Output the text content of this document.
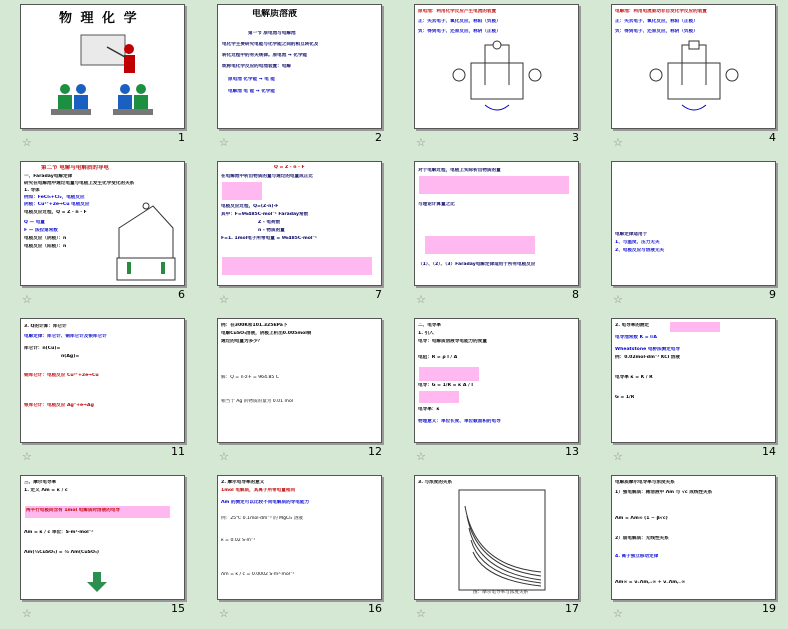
物 理 化 学
☆	1
电解质溶液
第一节 原电池与电解池
电化学主要研究电能与化学能之间的相互转化及
转化过程中的有关规律。原电池 → 化学能
或称电化学反应的电池装置：电解
原电池 化学能 → 电 能
电解池 电 能 → 化学能
☆	2
原电池：利用化学反应产生电流的装置
正：失去电子、氧化反应，称阳（负极）
负：得到电子、还原反应，称阴（正极）
☆	3
电解池：利用电流驱动非自发化学反应的装置
正：失去电子、氧化反应，称阳（正极）
负：得到电子、还原反应，称阴（负极）
☆	4
第二节 电解与电解质的导电
一、Faraday电解定律
研究在电解池中通过电量与电极上发生化学变化的关系
1. 导体
例如：FeCl₃+Cl₂，电极反应
阴极：Cu²⁺+2e→Cu 电极反应
电极反应过程，Q = Z · n · F
Q — 电量
F — 法拉第常数
电极反应（阴极）：n
电极反应（阳极）：n
☆	6
Q = Z · n · F
在电解池中析出物质的量与通过的电量成正比
电极反应过程，Q=(Z·n)·F
其中：F=96485C·mol⁻¹ Faraday常数
Z - 电荷数
n - 物质的量
F=1. 1mol电子所带电量 = 96485C·mol⁻¹
☆	7
对于电解过程，电极上实际析出物质的量
与理论计算量之比
（1）、（2）、（3）Faraday电解定律适用于所有电极反应
☆	8
电解定律适用于
1、与温度、压力无关
2、电极反应与溶液无关
☆	9
3. Q的计算：库仑计
电解定律：库仑计、铜库仑计及银库仑计
库仑计：n(Cu)=
n(Ag)=
铜库仑计：电极反应 Cu²⁺+2e→Cu
银库仑计：电极反应 Ag⁺+e→Ag
☆	11
例：在300K和101.325kPa下
电解CuSO₄溶液，阴极上析出0.005mol铜
通过的电量为多少？
解：Q = n·z·F = 964.85 C
相当于 Ag 的物质的量为 0.01 mol
☆	12
二、电导率
1. 引入
电导：电解质溶液导电能力的度量
电阻：R = ρ l / A
电导：G = 1/R = κ A / l
电导率：κ
物理意义：单位长度、单位截面积的电导
☆	13
2. 电导率的测定
电导池常数 K = l/A
Wheatstone 电桥法测定电导
例：0.02mol·dm⁻³ KCl 溶液
电导率 κ = K / R
G = 1/R
☆	14
三、摩尔电导率
1. 定义 Λm = κ / c
两平行电极间含有 1mol 电解质时溶液的电导
Λm = κ / c 单位：S·m²·mol⁻¹
Λm(½CuSO₄) = ½ Λm(CuSO₄)
☆	15
2. 摩尔电导率的意义
1mol 电解质，其离子所带电量相同
Λm 的测定可以比较不同电解质的导电能力
例：25℃ 0.1mol·dm⁻³ 的 MgCl₂ 溶液
κ = 0.02 S·m⁻¹
Λm = κ / c = 0.0002 S·m²·mol⁻¹
☆	16
3. 与浓度的关系
图：摩尔电导率与浓度关系
☆	17
电解质摩尔电导率与浓度关系
1）强电解质：稀溶液中 Λm 与 √c 成线性关系
Λm = Λm∞ (1 − β√c)
2）弱电解质：无线性关系
4. 离子独立移动定律
Λm∞ = ν₊Λm,₊∞ + ν₋Λm,₋∞
☆	19
